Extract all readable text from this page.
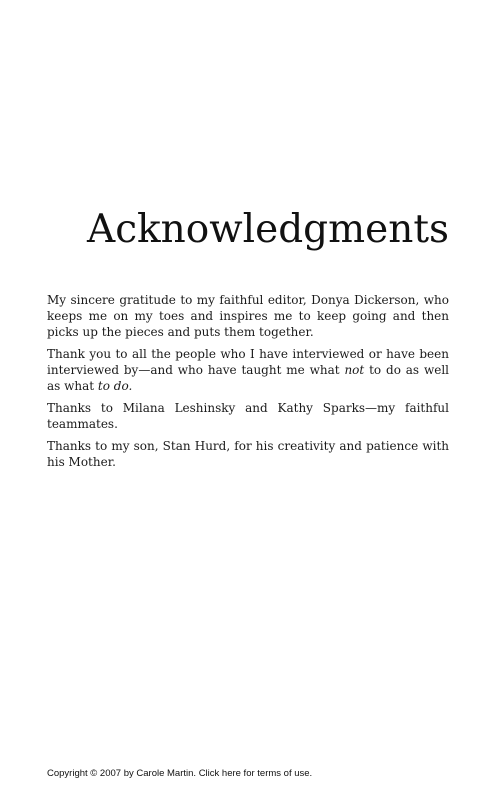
Acknowledgments

My sincere gratitude to my faithful editor, Donya Dickerson, who keeps me on my toes and inspires me to keep going and then picks up the pieces and puts them together.

Thank you to all the people who I have interviewed or have been interviewed by—and who have taught me what not to do as well as what to do.

Thanks to Milana Leshinsky and Kathy Sparks—my faithful teammates.

Thanks to my son, Stan Hurd, for his creativity and patience with his Mother.

Copyright © 2007 by Carole Martin. Click here for terms of use.
